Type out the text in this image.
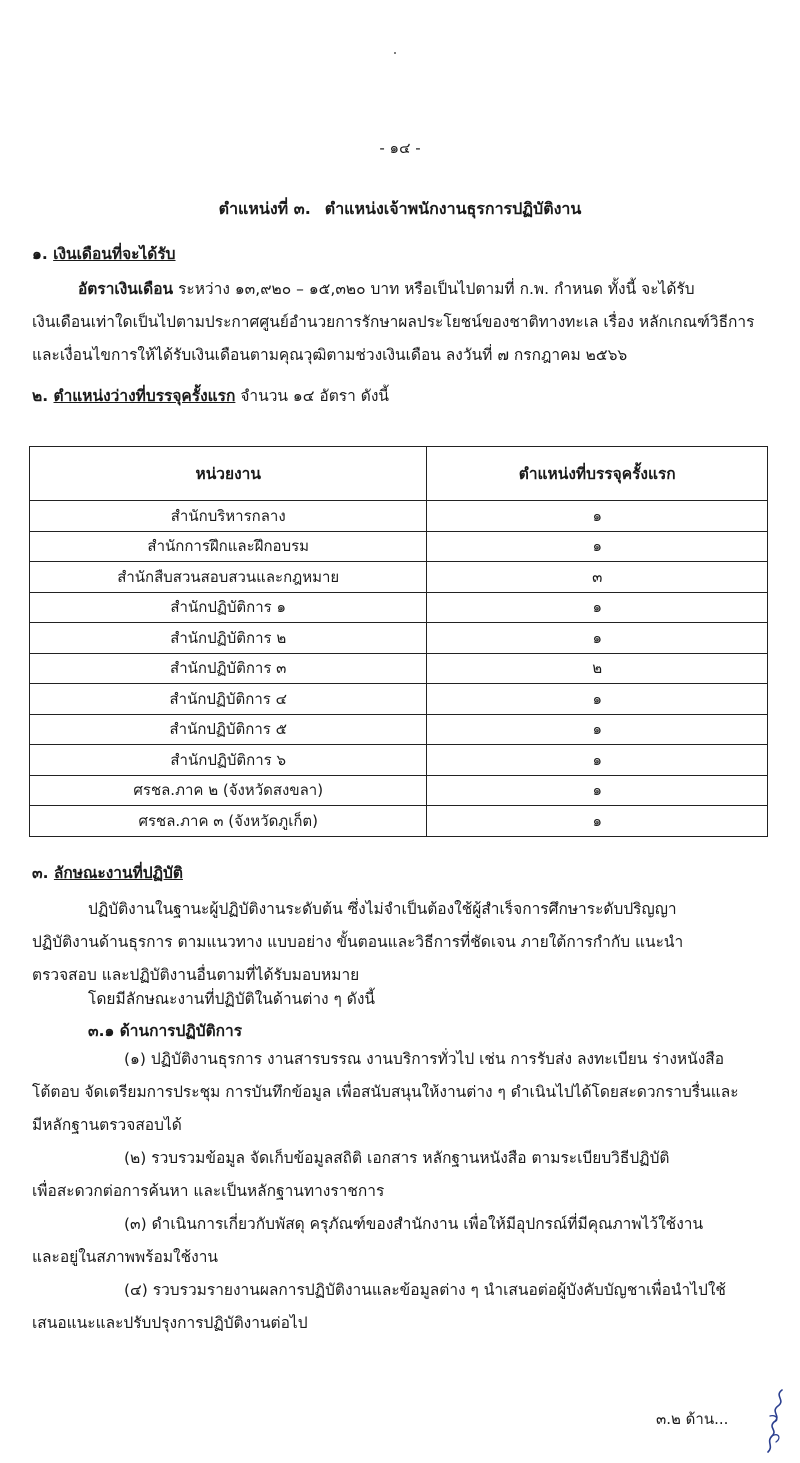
- ๑๔ -
ตำแหน่งที่ ๓. ตำแหน่งเจ้าพนักงานธุรการปฏิบัติงาน
๑. เงินเดือนที่จะได้รับ
อัตราเงินเดือน ระหว่าง ๑๓,๙๒๐ – ๑๕,๓๒๐ บาท หรือเป็นไปตามที่ ก.พ. กำหนด ทั้งนี้ จะได้รับ
เงินเดือนเท่าใดเป็นไปตามประกาศศูนย์อำนวยการรักษาผลประโยชน์ของชาติทางทะเล เรื่อง หลักเกณฑ์วิธีการ
และเงื่อนไขการให้ได้รับเงินเดือนตามคุณวุฒิตามช่วงเงินเดือน ลงวันที่ ๗ กรกฎาคม ๒๕๖๖
๒. ตำแหน่งว่างที่บรรจุครั้งแรก จำนวน ๑๔ อัตรา ดังนี้
หน่วยงาน	ตำแหน่งที่บรรจุครั้งแรก
สำนักบริหารกลาง	๑
สำนักการฝึกและฝึกอบรม	๑
สำนักสืบสวนสอบสวนและกฎหมาย	๓
สำนักปฏิบัติการ ๑	๑
สำนักปฏิบัติการ ๒	๑
สำนักปฏิบัติการ ๓	๒
สำนักปฏิบัติการ ๔	๑
สำนักปฏิบัติการ ๕	๑
สำนักปฏิบัติการ ๖	๑
ศรชล.ภาค ๒ (จังหวัดสงขลา)	๑
ศรชล.ภาค ๓ (จังหวัดภูเก็ต)	๑
๓. ลักษณะงานที่ปฏิบัติ
ปฏิบัติงานในฐานะผู้ปฏิบัติงานระดับต้น ซึ่งไม่จำเป็นต้องใช้ผู้สำเร็จการศึกษาระดับปริญญา
ปฏิบัติงานด้านธุรการ ตามแนวทาง แบบอย่าง ขั้นตอนและวิธีการที่ชัดเจน ภายใต้การกำกับ แนะนำ
ตรวจสอบ และปฏิบัติงานอื่นตามที่ได้รับมอบหมาย
โดยมีลักษณะงานที่ปฏิบัติในด้านต่าง ๆ ดังนี้
๓.๑ ด้านการปฏิบัติการ
(๑) ปฏิบัติงานธุรการ งานสารบรรณ งานบริการทั่วไป เช่น การรับส่ง ลงทะเบียน ร่างหนังสือ
โต้ตอบ จัดเตรียมการประชุม การบันทึกข้อมูล เพื่อสนับสนุนให้งานต่าง ๆ ดำเนินไปได้โดยสะดวกราบรื่นและ
มีหลักฐานตรวจสอบได้
(๒) รวบรวมข้อมูล จัดเก็บข้อมูลสถิติ เอกสาร หลักฐานหนังสือ ตามระเบียบวิธีปฏิบัติ
เพื่อสะดวกต่อการค้นหา และเป็นหลักฐานทางราชการ
(๓) ดำเนินการเกี่ยวกับพัสดุ ครุภัณฑ์ของสำนักงาน เพื่อให้มีอุปกรณ์ที่มีคุณภาพไว้ใช้งาน
และอยู่ในสภาพพร้อมใช้งาน
(๔) รวบรวมรายงานผลการปฏิบัติงานและข้อมูลต่าง ๆ นำเสนอต่อผู้บังคับบัญชาเพื่อนำไปใช้
เสนอแนะและปรับปรุงการปฏิบัติงานต่อไป
๓.๒ ด้าน...
